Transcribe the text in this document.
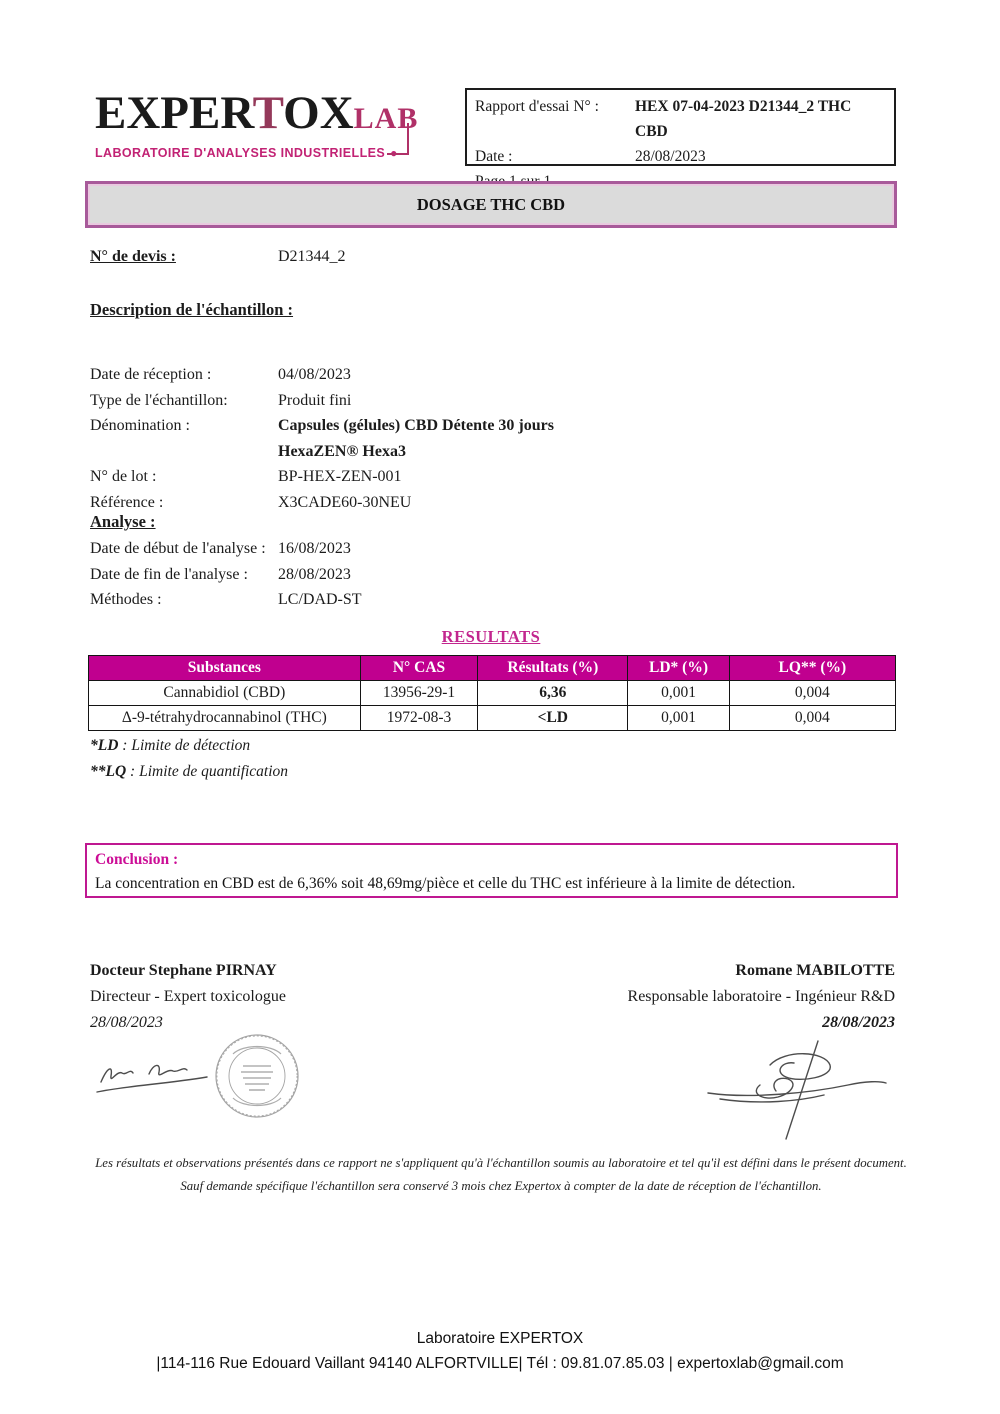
EXPERTOXLAB
LABORATOIRE D'ANALYSES INDUSTRIELLES ●
Rapport d'essai N° :	HEX 07-04-2023 D21344_2 THC CBD
Date :	28/08/2023
DOSAGE THC CBD
N° de devis :	D21344_2
Description de l'échantillon :
Date de réception :	04/08/2023
Type de l'échantillon:	Produit fini
Dénomination :	Capsules (gélules) CBD Détente 30 jours HexaZEN® Hexa3
N° de lot :	BP-HEX-ZEN-001
Référence :	X3CADE60-30NEU
Analyse :
Date de début de l'analyse : 16/08/2023
Date de fin de l'analyse :	28/08/2023
Méthodes :	LC/DAD-ST
RESULTATS
Substances	N° CAS	Résultats (%)	LD* (%)	LQ** (%)
Cannabidiol (CBD)	13956-29-1	6,36	0,001	0,004
Δ-9-tétrahydrocannabinol (THC)	1972-08-3	<LD	0,001	0,004
*LD : Limite de détection
**LQ : Limite de quantification
Conclusion :
La concentration en CBD est de 6,36% soit 48,69mg/pièce et celle du THC est inférieure à la limite de détection.
Docteur Stephane PIRNAY
Directeur - Expert toxicologue
28/08/2023
Romane MABILOTTE
Responsable laboratoire - Ingénieur R&D
28/08/2023
Les résultats et observations présentés dans ce rapport ne s'appliquent qu'à l'échantillon soumis au laboratoire et tel qu'il est défini dans le présent document. Sauf demande spécifique l'échantillon sera conservé 3 mois chez Expertox à compter de la date de réception de l'échantillon.
Laboratoire EXPERTOX
|114-116 Rue Edouard Vaillant 94140 ALFORTVILLE| Tél : 09.81.07.85.03 | expertoxlab@gmail.com
